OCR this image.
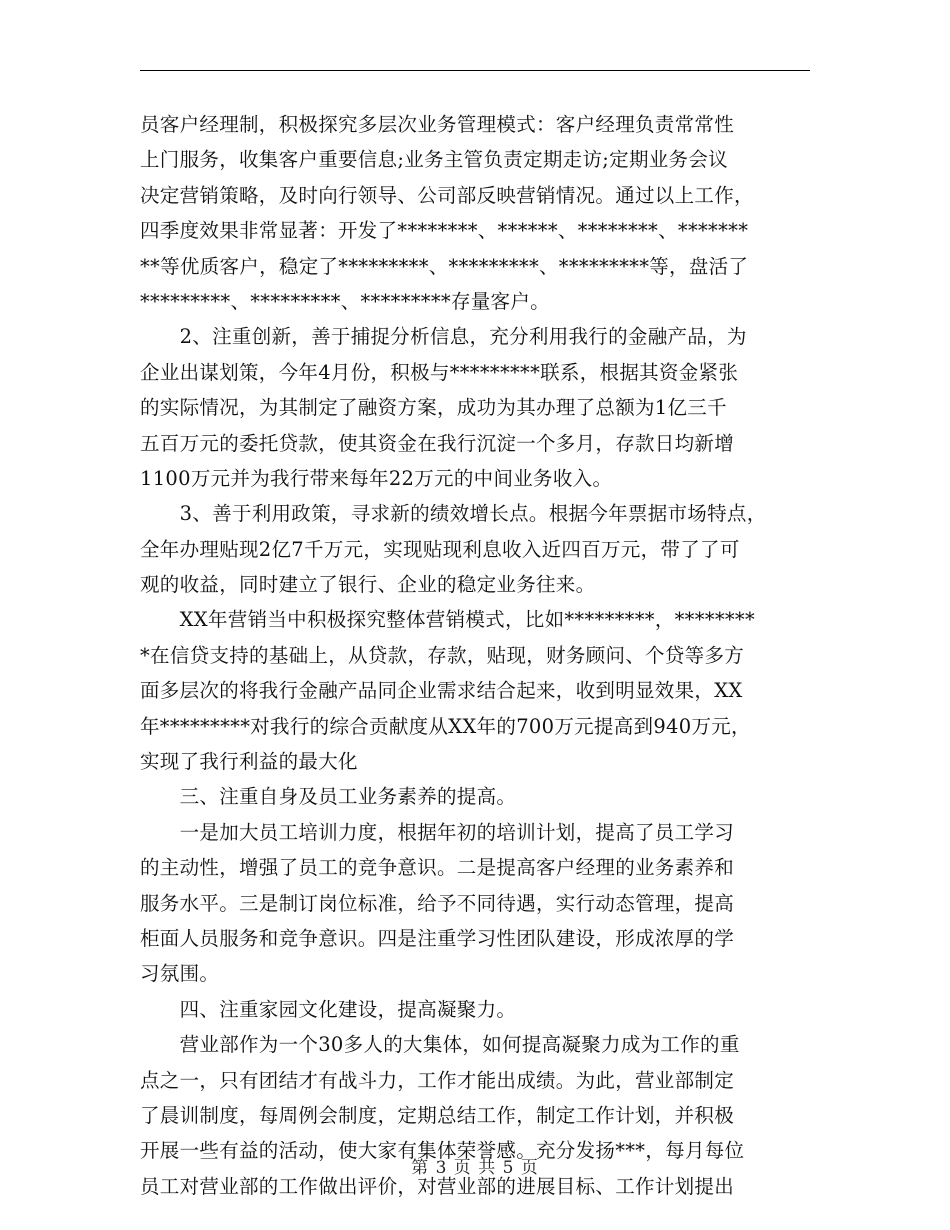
员客户经理制，积极探究多层次业务管理模式：客户经理负责常常性
上门服务，收集客户重要信息;业务主管负责定期走访;定期业务会议
决定营销策略，及时向行领导、公司部反映营销情况。通过以上工作，
四季度效果非常显著：开发了********、******、********、*******
**等优质客户，稳定了*********、*********、*********等，盘活了
*********、*********、*********存量客户。
　　2、注重创新，善于捕捉分析信息，充分利用我行的金融产品，为
企业出谋划策，今年4月份，积极与*********联系，根据其资金紧张
的实际情况，为其制定了融资方案，成功为其办理了总额为1亿三千
五百万元的委托贷款，使其资金在我行沉淀一个多月，存款日均新增
1100万元并为我行带来每年22万元的中间业务收入。
　　3、善于利用政策，寻求新的绩效增长点。根据今年票据市场特点，
全年办理贴现2亿7千万元，实现贴现利息收入近四百万元，带了了可
观的收益，同时建立了银行、企业的稳定业务往来。
　　XX年营销当中积极探究整体营销模式，比如*********，********
*在信贷支持的基础上，从贷款，存款，贴现，财务顾问、个贷等多方
面多层次的将我行金融产品同企业需求结合起来，收到明显效果，XX
年*********对我行的综合贡献度从XX年的700万元提高到940万元，
实现了我行利益的最大化
　　三、注重自身及员工业务素养的提高。
　　一是加大员工培训力度，根据年初的培训计划，提高了员工学习
的主动性，增强了员工的竞争意识。二是提高客户经理的业务素养和
服务水平。三是制订岗位标准，给予不同待遇，实行动态管理，提高
柜面人员服务和竞争意识。四是注重学习性团队建设，形成浓厚的学
习氛围。
　　四、注重家园文化建设，提高凝聚力。
　　营业部作为一个30多人的大集体，如何提高凝聚力成为工作的重
点之一，只有团结才有战斗力，工作才能出成绩。为此，营业部制定
了晨训制度，每周例会制度，定期总结工作，制定工作计划，并积极
开展一些有益的活动，使大家有集体荣誉感。充分发扬***，每月每位
员工对营业部的工作做出评价，对营业部的进展目标、工作计划提出
第 3 页 共 5 页
